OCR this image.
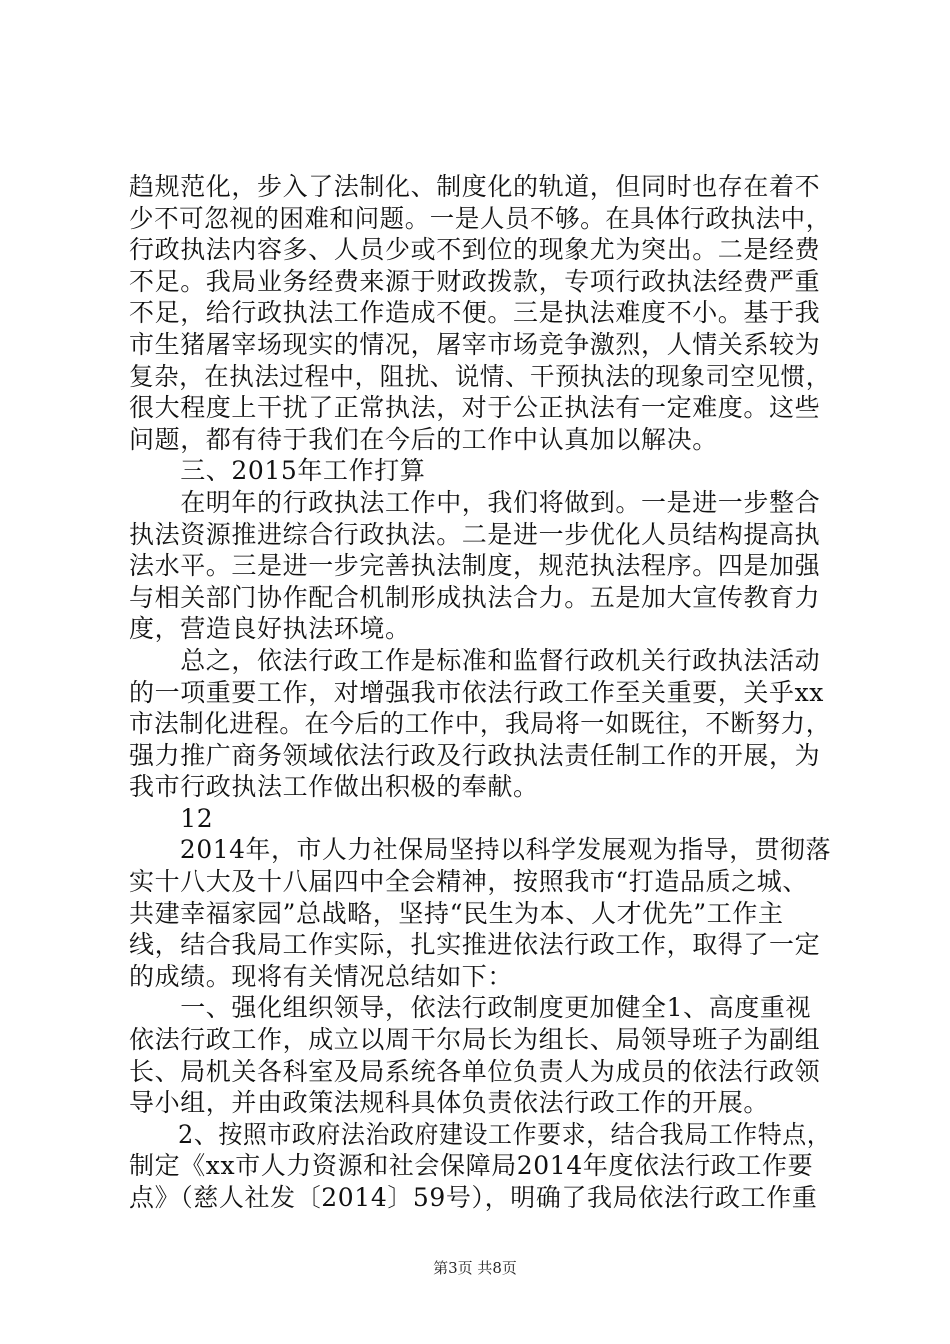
趋规范化，步入了法制化、制度化的轨道，但同时也存在着不
少不可忽视的困难和问题。一是人员不够。在具体行政执法中，
行政执法内容多、人员少或不到位的现象尤为突出。二是经费
不足。我局业务经费来源于财政拨款，专项行政执法经费严重
不足，给行政执法工作造成不便。三是执法难度不小。基于我
市生猪屠宰场现实的情况，屠宰市场竞争激烈，人情关系较为
复杂，在执法过程中，阻扰、说情、干预执法的现象司空见惯，
很大程度上干扰了正常执法，对于公正执法有一定难度。这些
问题，都有待于我们在今后的工作中认真加以解决。
　　三、2015年工作打算
　　在明年的行政执法工作中，我们将做到。一是进一步整合
执法资源推进综合行政执法。二是进一步优化人员结构提高执
法水平。三是进一步完善执法制度，规范执法程序。四是加强
与相关部门协作配合机制形成执法合力。五是加大宣传教育力
度，营造良好执法环境。
　　总之，依法行政工作是标准和监督行政机关行政执法活动
的一项重要工作，对增强我市依法行政工作至关重要，关乎xx
市法制化进程。在今后的工作中，我局将一如既往，不断努力，
强力推广商务领域依法行政及行政执法责任制工作的开展，为
我市行政执法工作做出积极的奉献。
　　12
　　2014年，市人力社保局坚持以科学发展观为指导，贯彻落
实十八大及十八届四中全会精神，按照我市“打造品质之城、
共建幸福家园”总战略，坚持“民生为本、人才优先”工作主
线，结合我局工作实际，扎实推进依法行政工作，取得了一定
的成绩。现将有关情况总结如下：
　　一、强化组织领导，依法行政制度更加健全1、高度重视
依法行政工作，成立以周干尔局长为组长、局领导班子为副组
长、局机关各科室及局系统各单位负责人为成员的依法行政领
导小组，并由政策法规科具体负责依法行政工作的开展。
　　2、按照市政府法治政府建设工作要求，结合我局工作特点，
制定《xx市人力资源和社会保障局2014年度依法行政工作要
点》（慈人社发〔2014〕59号），明确了我局依法行政工作重
第3页 共8页
